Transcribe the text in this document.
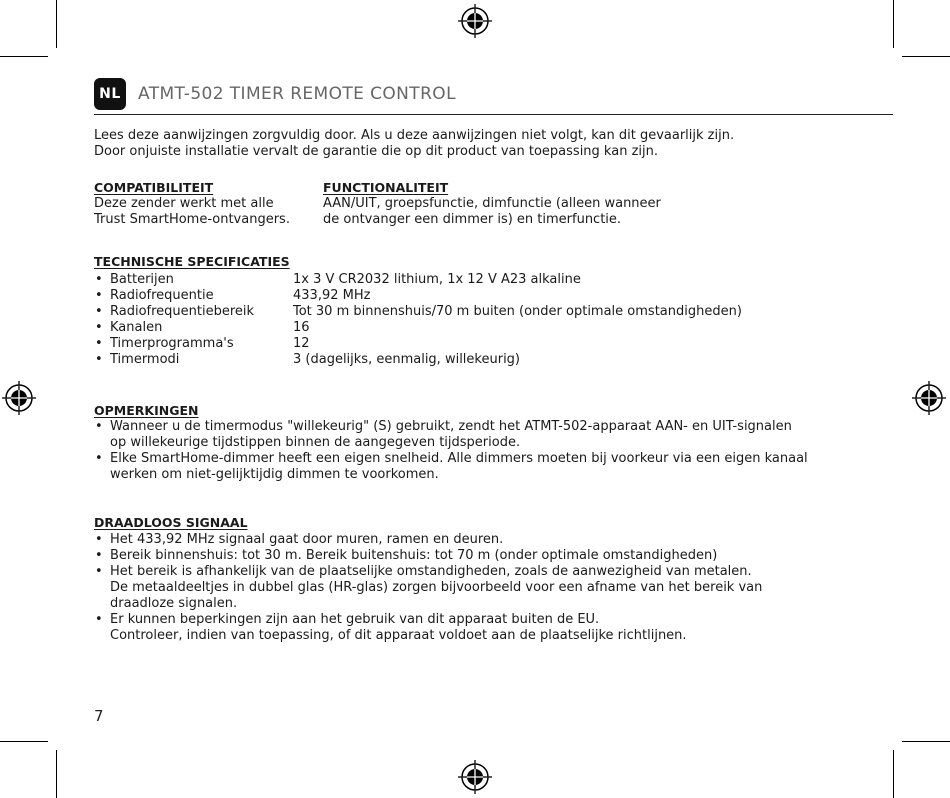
NL	ATMT-502 TIMER REMOTE CONTROL
Lees deze aanwijzingen zorgvuldig door. Als u deze aanwijzingen niet volgt, kan dit gevaarlijk zijn.
Door onjuiste installatie vervalt de garantie die op dit product van toepassing kan zijn.
COMPATIBILITEIT
Deze zender werkt met alle
Trust SmartHome-ontvangers.
FUNCTIONALITEIT
AAN/UIT, groepsfunctie, dimfunctie (alleen wanneer
de ontvanger een dimmer is) en timerfunctie.
TECHNISCHE SPECIFICATIES
• Batterijen	1x 3 V CR2032 lithium, 1x 12 V A23 alkaline
• Radiofrequentie	433,92 MHz
• Radiofrequentiebereik	Tot 30 m binnenshuis/70 m buiten (onder optimale omstandigheden)
• Kanalen	16
• Timerprogramma's	12
• Timermodi	3 (dagelijks, eenmalig, willekeurig)
OPMERKINGEN
• Wanneer u de timermodus "willekeurig" (S) gebruikt, zendt het ATMT-502-apparaat AAN- en UIT-signalen
op willekeurige tijdstippen binnen de aangegeven tijdsperiode.
• Elke SmartHome-dimmer heeft een eigen snelheid. Alle dimmers moeten bij voorkeur via een eigen kanaal
werken om niet-gelijktijdig dimmen te voorkomen.
DRAADLOOS SIGNAAL
• Het 433,92 MHz signaal gaat door muren, ramen en deuren.
• Bereik binnenshuis: tot 30 m. Bereik buitenshuis: tot 70 m (onder optimale omstandigheden)
• Het bereik is afhankelijk van de plaatselijke omstandigheden, zoals de aanwezigheid van metalen.
De metaaldeeltjes in dubbel glas (HR-glas) zorgen bijvoorbeeld voor een afname van het bereik van
draadloze signalen.
• Er kunnen beperkingen zijn aan het gebruik van dit apparaat buiten de EU.
Controleer, indien van toepassing, of dit apparaat voldoet aan de plaatselijke richtlijnen.
7
